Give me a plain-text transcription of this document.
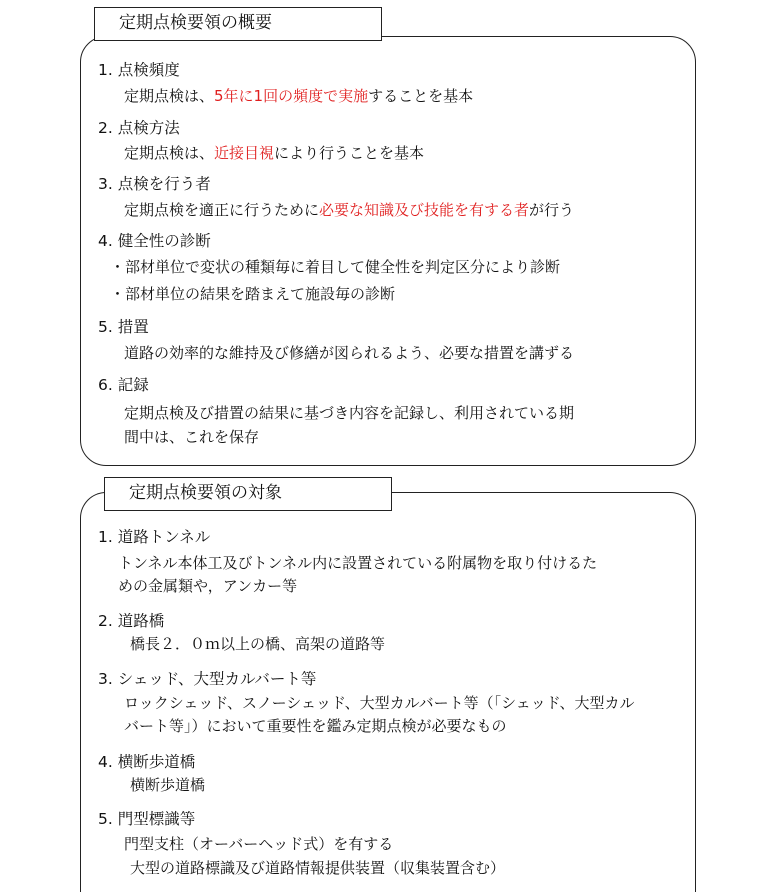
定期点検要領の概要
1. 点検頻度
定期点検は、5年に1回の頻度で実施することを基本
2. 点検方法
定期点検は、近接目視により行うことを基本
3. 点検を行う者
定期点検を適正に行うために必要な知識及び技能を有する者が行う
4. 健全性の診断
・部材単位で変状の種類毎に着目して健全性を判定区分により診断
・部材単位の結果を踏まえて施設毎の診断
5. 措置
道路の効率的な維持及び修繕が図られるよう、必要な措置を講ずる
6. 記録
定期点検及び措置の結果に基づき内容を記録し、利用されている期
間中は、これを保存
定期点検要領の対象
1. 道路トンネル
トンネル本体工及びトンネル内に設置されている附属物を取り付けるた
めの金属類や，アンカー等
2. 道路橋
橋長２．０ｍ以上の橋、高架の道路等
3. シェッド、大型カルバート等
ロックシェッド、スノーシェッド、大型カルバート等（「シェッド、大型カル
バート等」）において重要性を鑑み定期点検が必要なもの
4. 横断歩道橋
横断歩道橋
5. 門型標識等
門型支柱（オーバーヘッド式）を有する
大型の道路標識及び道路情報提供装置（収集装置含む）
